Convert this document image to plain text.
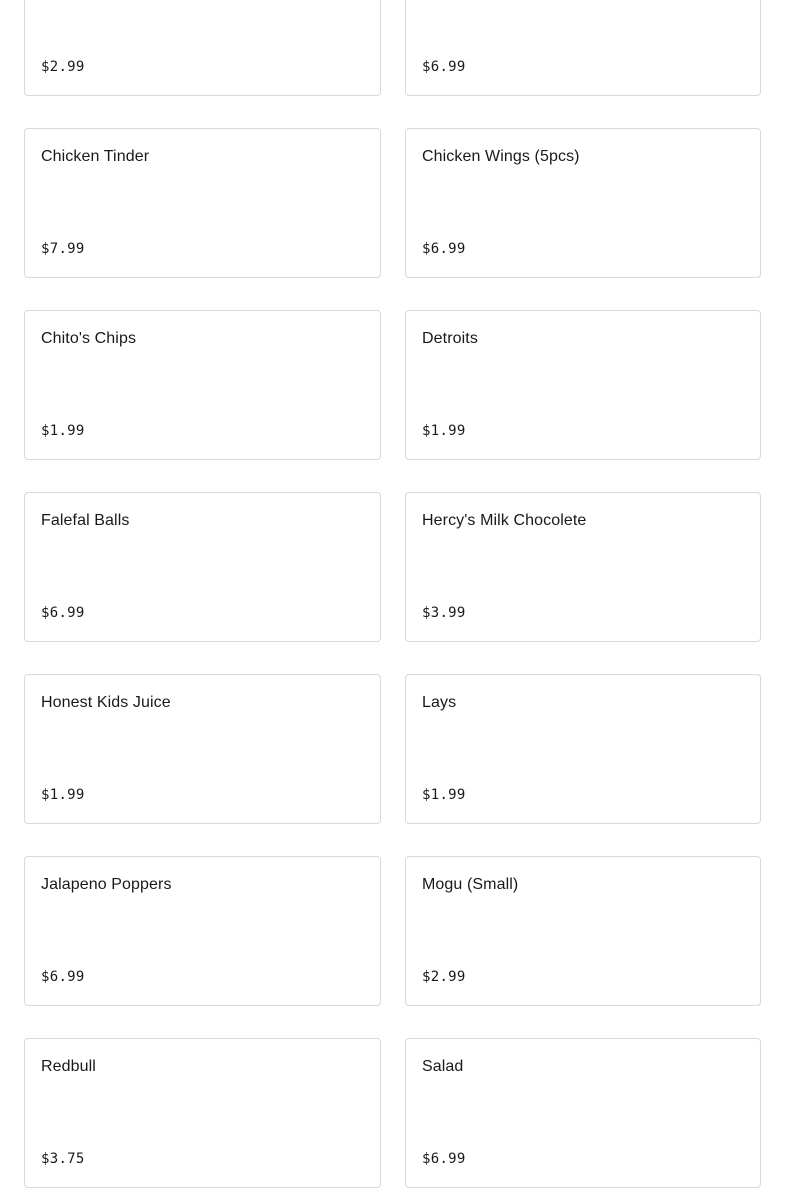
$2.99	$6.99
Chicken Tinder
$7.99
Chicken Wings (5pcs)
$6.99
Chito's Chips
$1.99
Detroits
$1.99
Falefal Balls
$6.99
Hercy's Milk Chocolete
$3.99
Honest Kids Juice
$1.99
Lays
$1.99
Jalapeno Poppers
$6.99
Mogu (Small)
$2.99
Redbull
$3.75
Salad
$6.99
